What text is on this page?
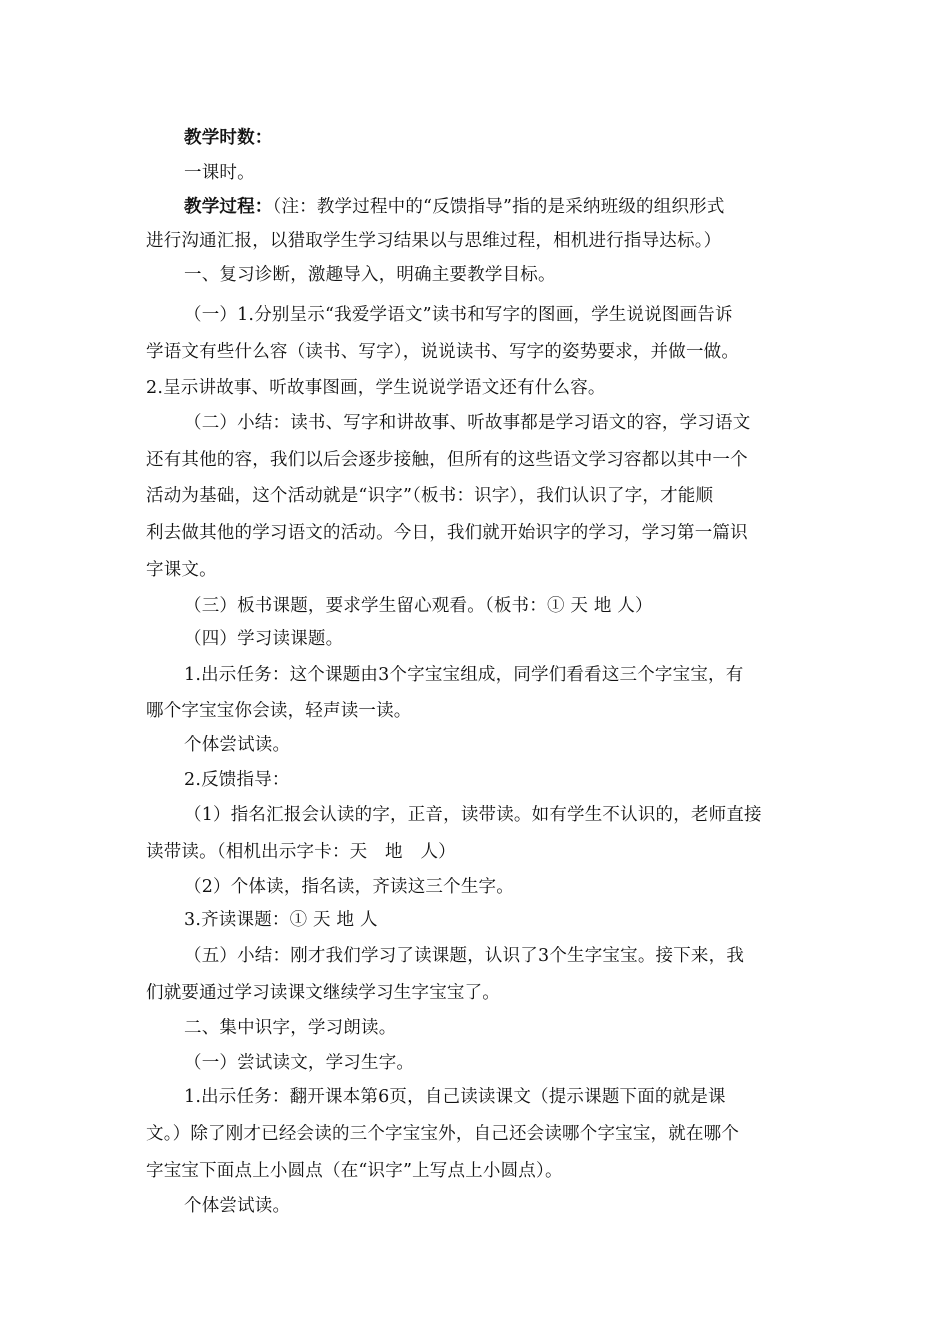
教学时数：
一课时。
教学过程：（注：教学过程中的“反馈指导”指的是采纳班级的组织形式
进行沟通汇报，以猎取学生学习结果以与思维过程，相机进行指导达标。）
一、复习诊断，激趣导入，明确主要教学目标。
（一）1.分别呈示“我爱学语文”读书和写字的图画，学生说说图画告诉
学语文有些什么容（读书、写字），说说读书、写字的姿势要求，并做一做。
2.呈示讲故事、听故事图画，学生说说学语文还有什么容。
（二）小结：读书、写字和讲故事、听故事都是学习语文的容，学习语文
还有其他的容，我们以后会逐步接触，但所有的这些语文学习容都以其中一个
活动为基础，这个活动就是“识字”（板书：识字），我们认识了字，才能顺
利去做其他的学习语文的活动。今日，我们就开始识字的学习，学习第一篇识
字课文。
（三）板书课题，要求学生留心观看。（板书：① 天 地 人）
（四）学习读课题。
1.出示任务：这个课题由3个字宝宝组成，同学们看看这三个字宝宝，有
哪个字宝宝你会读，轻声读一读。
个体尝试读。
2.反馈指导：
（1）指名汇报会认读的字，正音，读带读。如有学生不认识的，老师直接
读带读。（相机出示字卡：天　地　人）
（2）个体读，指名读，齐读这三个生字。
3.齐读课题：① 天 地 人
（五）小结：刚才我们学习了读课题，认识了3个生字宝宝。接下来，我
们就要通过学习读课文继续学习生字宝宝了。
二、集中识字，学习朗读。
（一）尝试读文，学习生字。
1.出示任务：翻开课本第6页，自己读读课文（提示课题下面的就是课
文。）除了刚才已经会读的三个字宝宝外，自己还会读哪个字宝宝，就在哪个
字宝宝下面点上小圆点（在“识字”上写点上小圆点）。
个体尝试读。
